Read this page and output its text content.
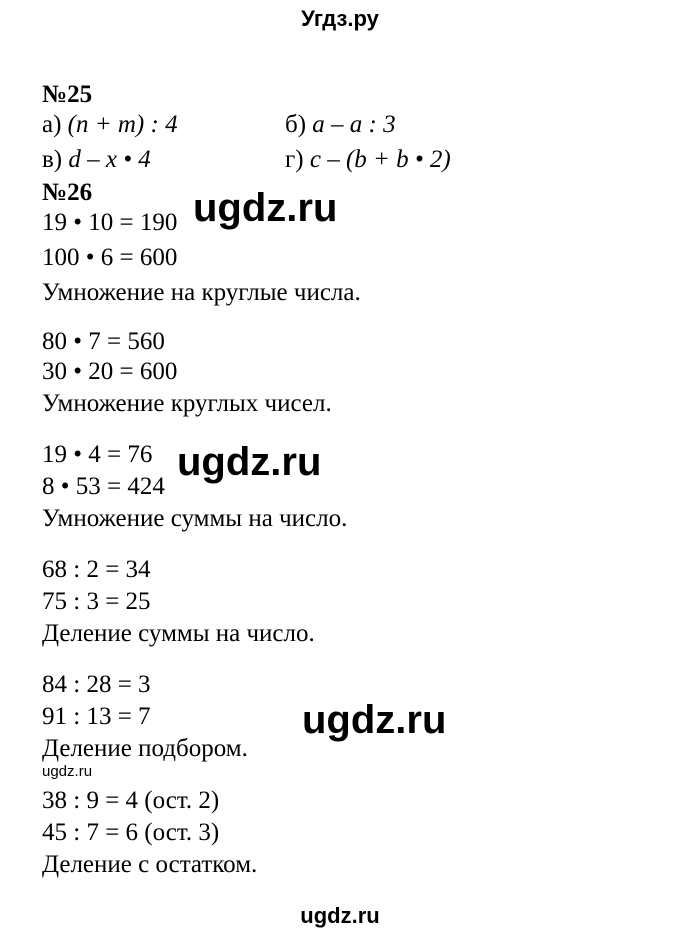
Угдз.ру
№25
а) (n + m) : 4	б) a – a : 3
в) d – x • 4	г) c – (b + b • 2)
№26
19 • 10 = 190
100 • 6 = 600
Умножение на круглые числа.
80 • 7 = 560
30 • 20 = 600
Умножение круглых чисел.
19 • 4 = 76
8 • 53 = 424
Умножение суммы на число.
68 : 2 = 34
75 : 3 = 25
Деление суммы на число.
84 : 28 = 3
91 : 13 = 7
Деление подбором.
ugdz.ru
38 : 9 = 4 (ост. 2)
45 : 7 = 6 (ост. 3)
Деление с остатком.
ugdz.ru
ugdz.ru
ugdz.ru
ugdz.ru
